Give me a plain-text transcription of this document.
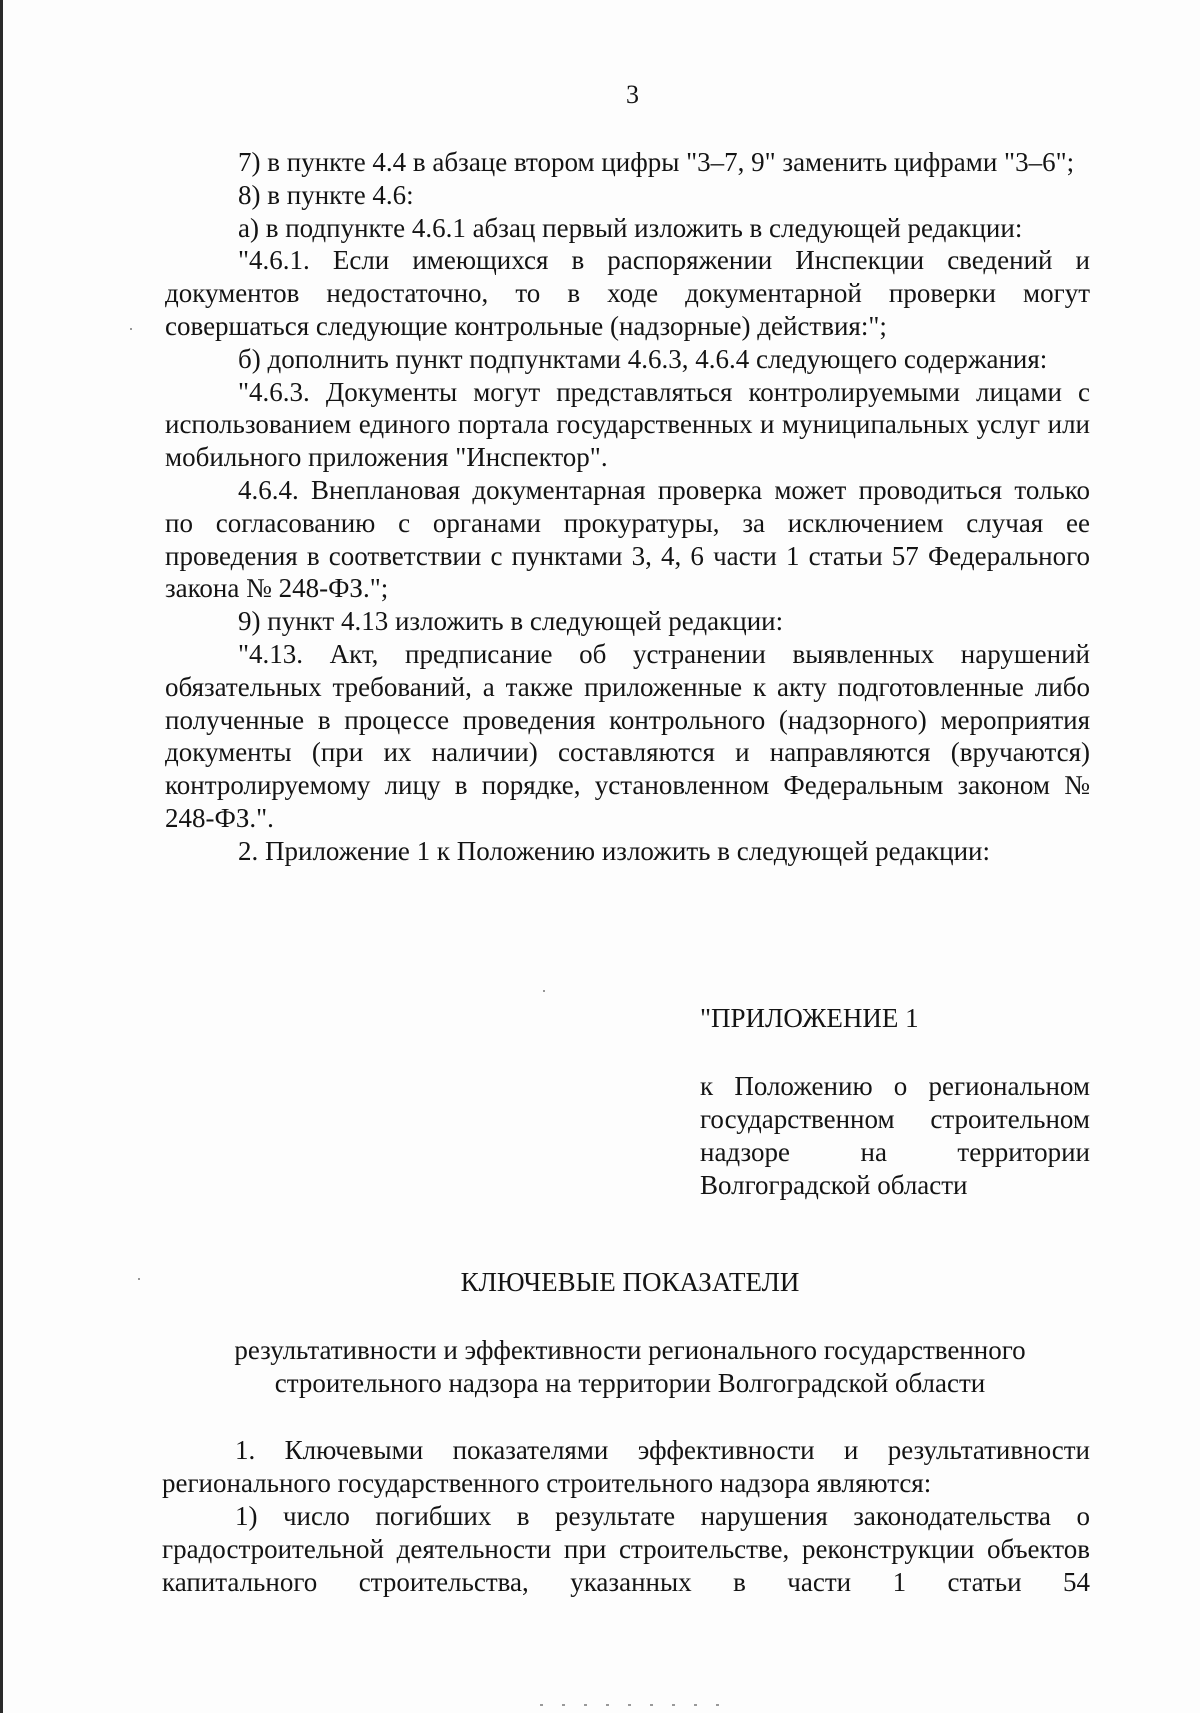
3

7) в пункте 4.4 в абзаце втором цифры "3–7, 9" заменить цифрами "3–6";

8) в пункте 4.6:

а) в подпункте 4.6.1 абзац первый изложить в следующей редакции:

"4.6.1. Если имеющихся в распоряжении Инспекции сведений и документов недостаточно, то в ходе документарной проверки могут совершаться следующие контрольные (надзорные) действия:";

б) дополнить пункт подпунктами 4.6.3, 4.6.4 следующего содержания:

"4.6.3. Документы могут представляться контролируемыми лицами с использованием единого портала государственных и муниципальных услуг или мобильного приложения "Инспектор".

4.6.4. Внеплановая документарная проверка может проводиться только по согласованию с органами прокуратуры, за исключением случая ее проведения в соответствии с пунктами 3, 4, 6 части 1 статьи 57 Федерального закона № 248-ФЗ.";

9) пункт 4.13 изложить в следующей редакции:

"4.13. Акт, предписание об устранении выявленных нарушений обязательных требований, а также приложенные к акту подготовленные либо полученные в процессе проведения контрольного (надзорного) мероприятия документы (при их наличии) составляются и направляются (вручаются) контролируемому лицу в порядке, установленном Федеральным законом № 248-ФЗ.".

2. Приложение 1 к Положению изложить в следующей редакции:

"ПРИЛОЖЕНИЕ 1

к Положению о региональном государственном строительном надзоре на территории Волгоградской области

КЛЮЧЕВЫЕ ПОКАЗАТЕЛИ
результативности и эффективности регионального государственного
строительного надзора на территории Волгоградской области

1. Ключевыми показателями эффективности и результативности регионального государственного строительного надзора являются:

1) число погибших в результате нарушения законодательства о градостроительной деятельности при строительстве, реконструкции объектов капитального строительства, указанных в части 1 статьи 54
